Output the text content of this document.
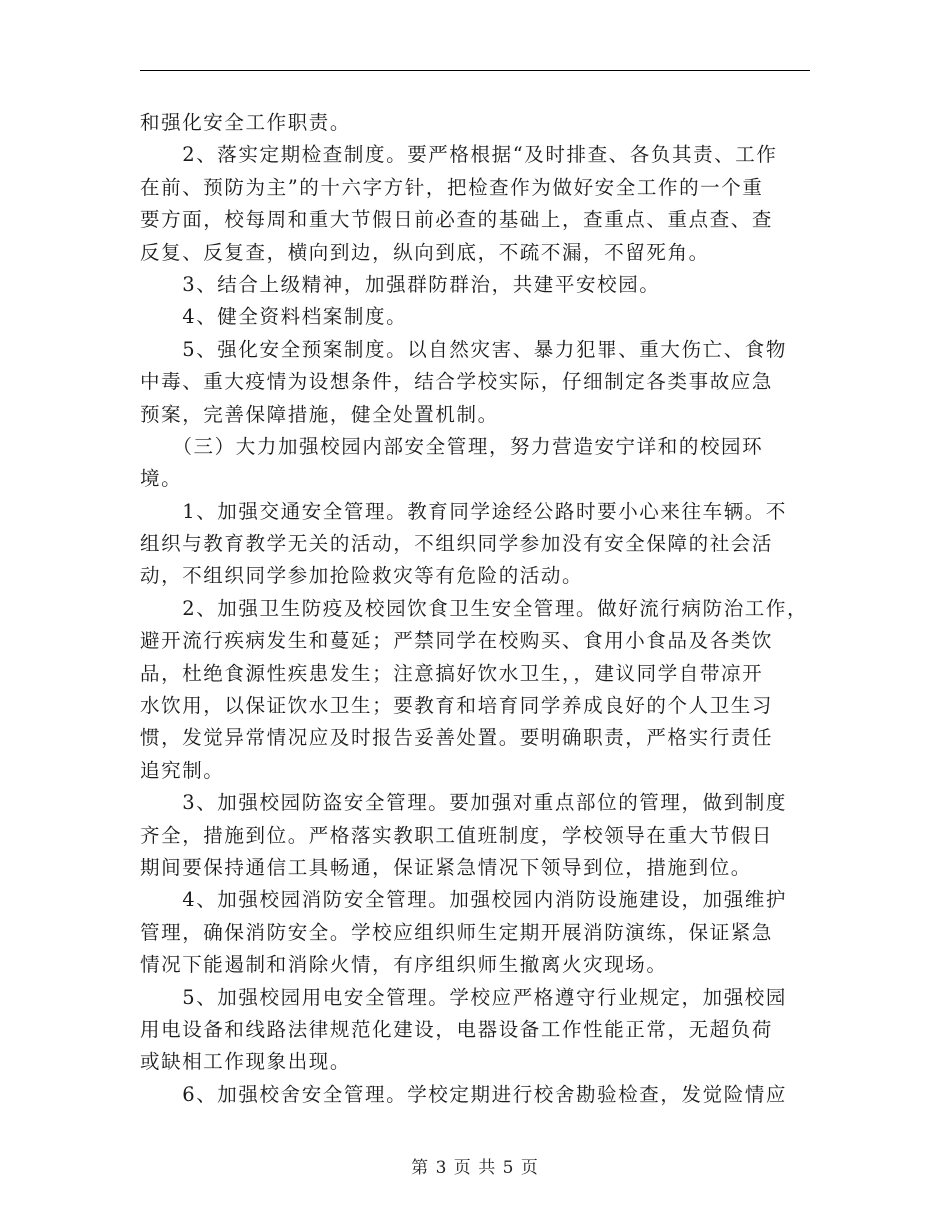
和强化安全工作职责。
　　2、落实定期检查制度。要严格根据“及时排查、各负其责、工作
在前、预防为主”的十六字方针，把检查作为做好安全工作的一个重
要方面，校每周和重大节假日前必查的基础上，查重点、重点查、查
反复、反复查，横向到边，纵向到底，不疏不漏，不留死角。
　　3、结合上级精神，加强群防群治，共建平安校园。
　　4、健全资料档案制度。
　　5、强化安全预案制度。以自然灾害、暴力犯罪、重大伤亡、食物
中毒、重大疫情为设想条件，结合学校实际，仔细制定各类事故应急
预案，完善保障措施，健全处置机制。
　　（三）大力加强校园内部安全管理，努力营造安宁详和的校园环
境。
　　1、加强交通安全管理。教育同学途经公路时要小心来往车辆。不
组织与教育教学无关的活动，不组织同学参加没有安全保障的社会活
动，不组织同学参加抢险救灾等有危险的活动。
　　2、加强卫生防疫及校园饮食卫生安全管理。做好流行病防治工作，
避开流行疾病发生和蔓延；严禁同学在校购买、食用小食品及各类饮
品，杜绝食源性疾患发生；注意搞好饮水卫生，，建议同学自带凉开
水饮用，以保证饮水卫生；要教育和培育同学养成良好的个人卫生习
惯，发觉异常情况应及时报告妥善处置。要明确职责，严格实行责任
追究制。
　　3、加强校园防盗安全管理。要加强对重点部位的管理，做到制度
齐全，措施到位。严格落实教职工值班制度，学校领导在重大节假日
期间要保持通信工具畅通，保证紧急情况下领导到位，措施到位。
　　4、加强校园消防安全管理。加强校园内消防设施建设，加强维护
管理，确保消防安全。学校应组织师生定期开展消防演练，保证紧急
情况下能遏制和消除火情，有序组织师生撤离火灾现场。
　　5、加强校园用电安全管理。学校应严格遵守行业规定，加强校园
用电设备和线路法律规范化建设，电器设备工作性能正常，无超负荷
或缺相工作现象出现。
　　6、加强校舍安全管理。学校定期进行校舍勘验检查，发觉险情应
第 3 页 共 5 页
